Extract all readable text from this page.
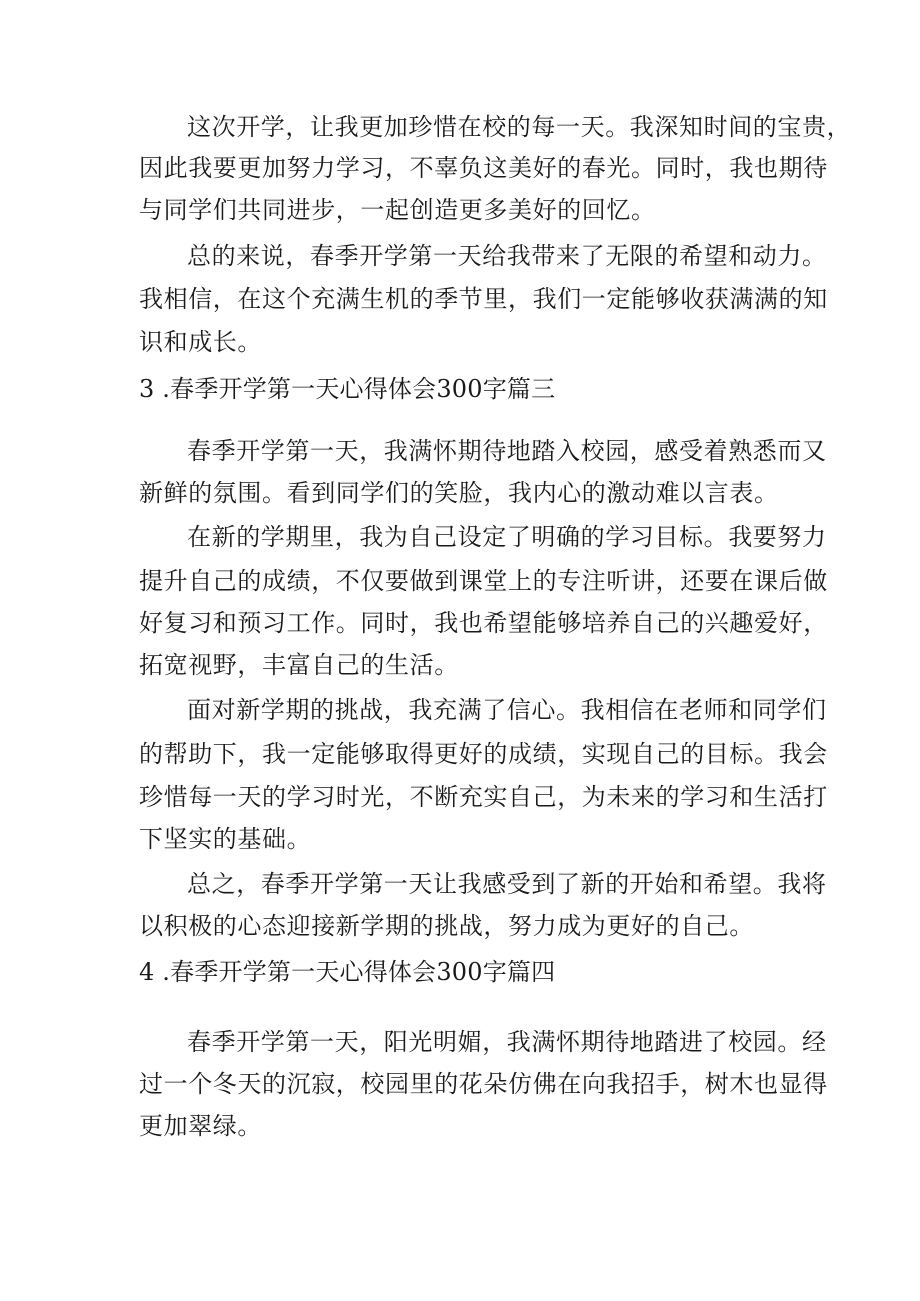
这次开学，让我更加珍惜在校的每一天。我深知时间的宝贵，
因此我要更加努力学习，不辜负这美好的春光。同时，我也期待
与同学们共同进步，一起创造更多美好的回忆。
总的来说，春季开学第一天给我带来了无限的希望和动力。
我相信，在这个充满生机的季节里，我们一定能够收获满满的知
识和成长。
3 .春季开学第一天心得体会300字篇三
春季开学第一天，我满怀期待地踏入校园，感受着熟悉而又
新鲜的氛围。看到同学们的笑脸，我内心的激动难以言表。
在新的学期里，我为自己设定了明确的学习目标。我要努力
提升自己的成绩，不仅要做到课堂上的专注听讲，还要在课后做
好复习和预习工作。同时，我也希望能够培养自己的兴趣爱好，
拓宽视野，丰富自己的生活。
面对新学期的挑战，我充满了信心。我相信在老师和同学们
的帮助下，我一定能够取得更好的成绩，实现自己的目标。我会
珍惜每一天的学习时光，不断充实自己，为未来的学习和生活打
下坚实的基础。
总之，春季开学第一天让我感受到了新的开始和希望。我将
以积极的心态迎接新学期的挑战，努力成为更好的自己。
4 .春季开学第一天心得体会300字篇四
春季开学第一天，阳光明媚，我满怀期待地踏进了校园。经
过一个冬天的沉寂，校园里的花朵仿佛在向我招手，树木也显得
更加翠绿。
